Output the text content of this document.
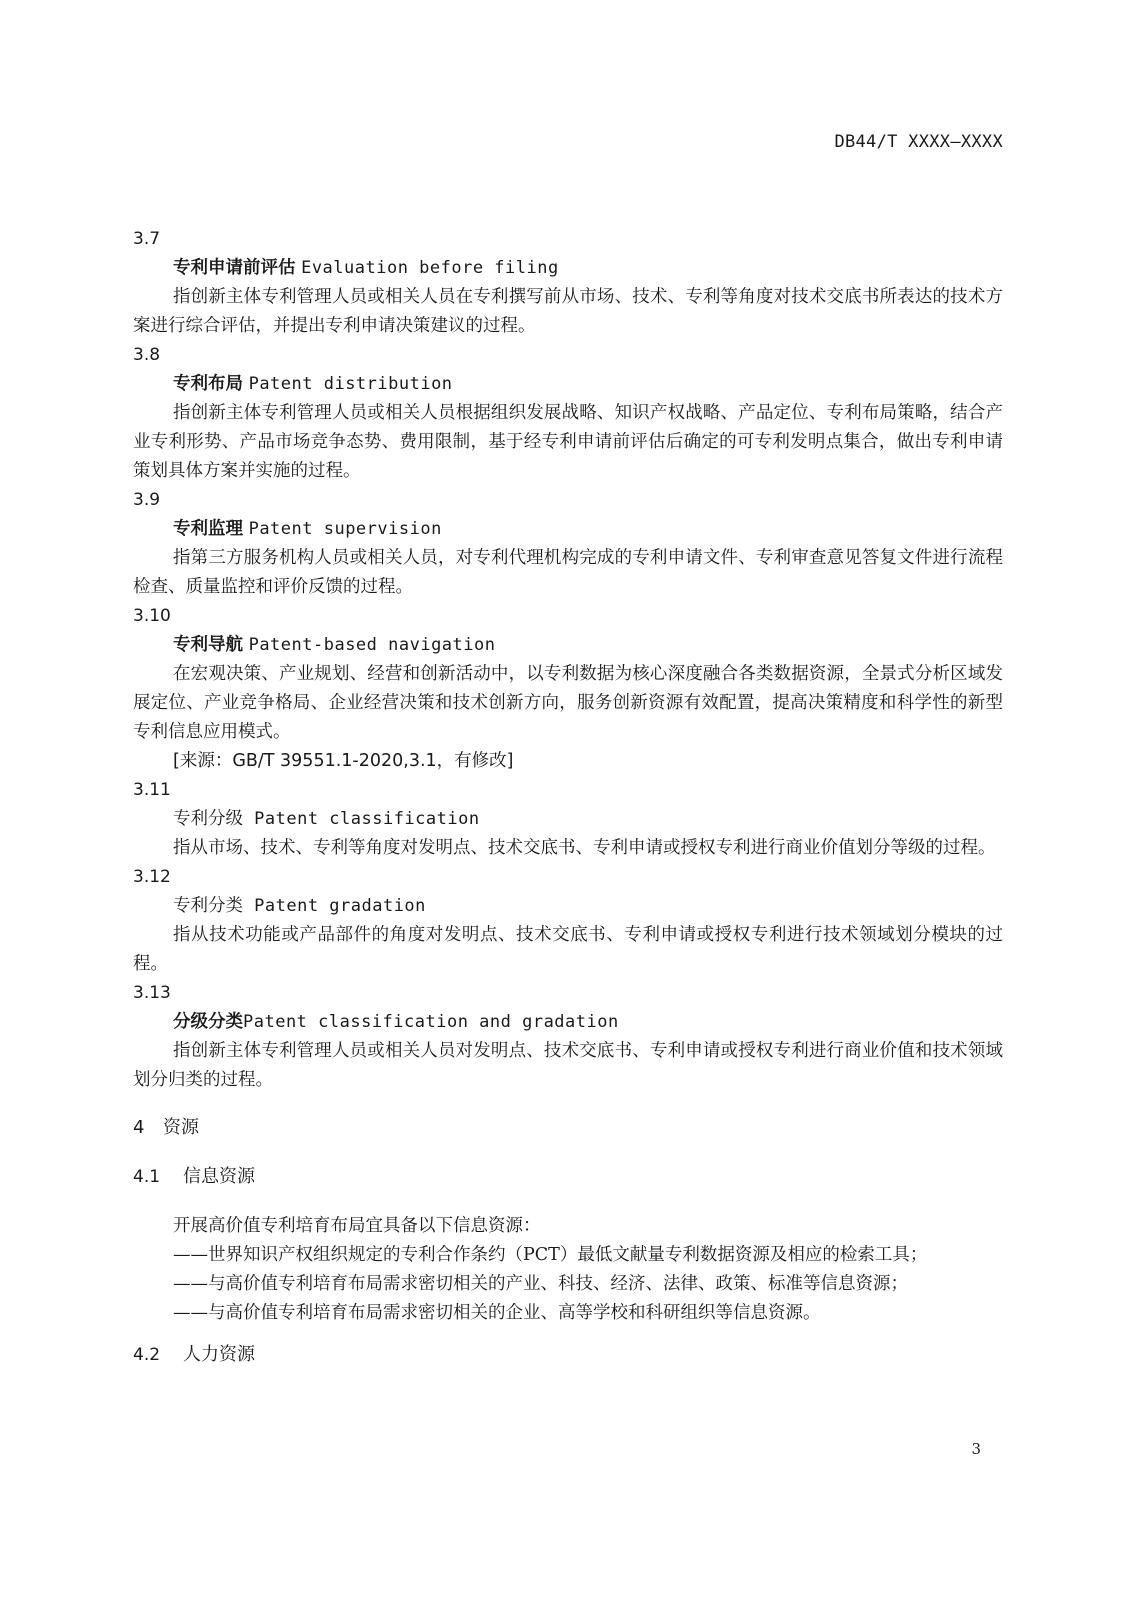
DB44/T XXXX—XXXX

3.7

专利申请前评估 Evaluation before filing

指创新主体专利管理人员或相关人员在专利撰写前从市场、技术、专利等角度对技术交底书所表达的技术方案进行综合评估，并提出专利申请决策建议的过程。

3.8

专利布局 Patent distribution

指创新主体专利管理人员或相关人员根据组织发展战略、知识产权战略、产品定位、专利布局策略，结合产业专利形势、产品市场竞争态势、费用限制，基于经专利申请前评估后确定的可专利发明点集合，做出专利申请策划具体方案并实施的过程。

3.9

专利监理 Patent supervision

指第三方服务机构人员或相关人员，对专利代理机构完成的专利申请文件、专利审查意见答复文件进行流程检查、质量监控和评价反馈的过程。

3.10

专利导航 Patent-based navigation

在宏观决策、产业规划、经营和创新活动中，以专利数据为核心深度融合各类数据资源，全景式分析区域发展定位、产业竞争格局、企业经营决策和技术创新方向，服务创新资源有效配置，提高决策精度和科学性的新型专利信息应用模式。

[来源：GB/T 39551.1-2020,3.1，有修改]

3.11

专利分级 Patent classification

指从市场、技术、专利等角度对发明点、技术交底书、专利申请或授权专利进行商业价值划分等级的过程。

3.12

专利分类 Patent gradation

指从技术功能或产品部件的角度对发明点、技术交底书、专利申请或授权专利进行技术领域划分模块的过程。

3.13

分级分类Patent classification and gradation

指创新主体专利管理人员或相关人员对发明点、技术交底书、专利申请或授权专利进行商业价值和技术领域划分归类的过程。

4 资源
4.1 信息资源

开展高价值专利培育布局宜具备以下信息资源：

——世界知识产权组织规定的专利合作条约（PCT）最低文献量专利数据资源及相应的检索工具；

——与高价值专利培育布局需求密切相关的产业、科技、经济、法律、政策、标准等信息资源；

——与高价值专利培育布局需求密切相关的企业、高等学校和科研组织等信息资源。

4.2 人力资源
3
